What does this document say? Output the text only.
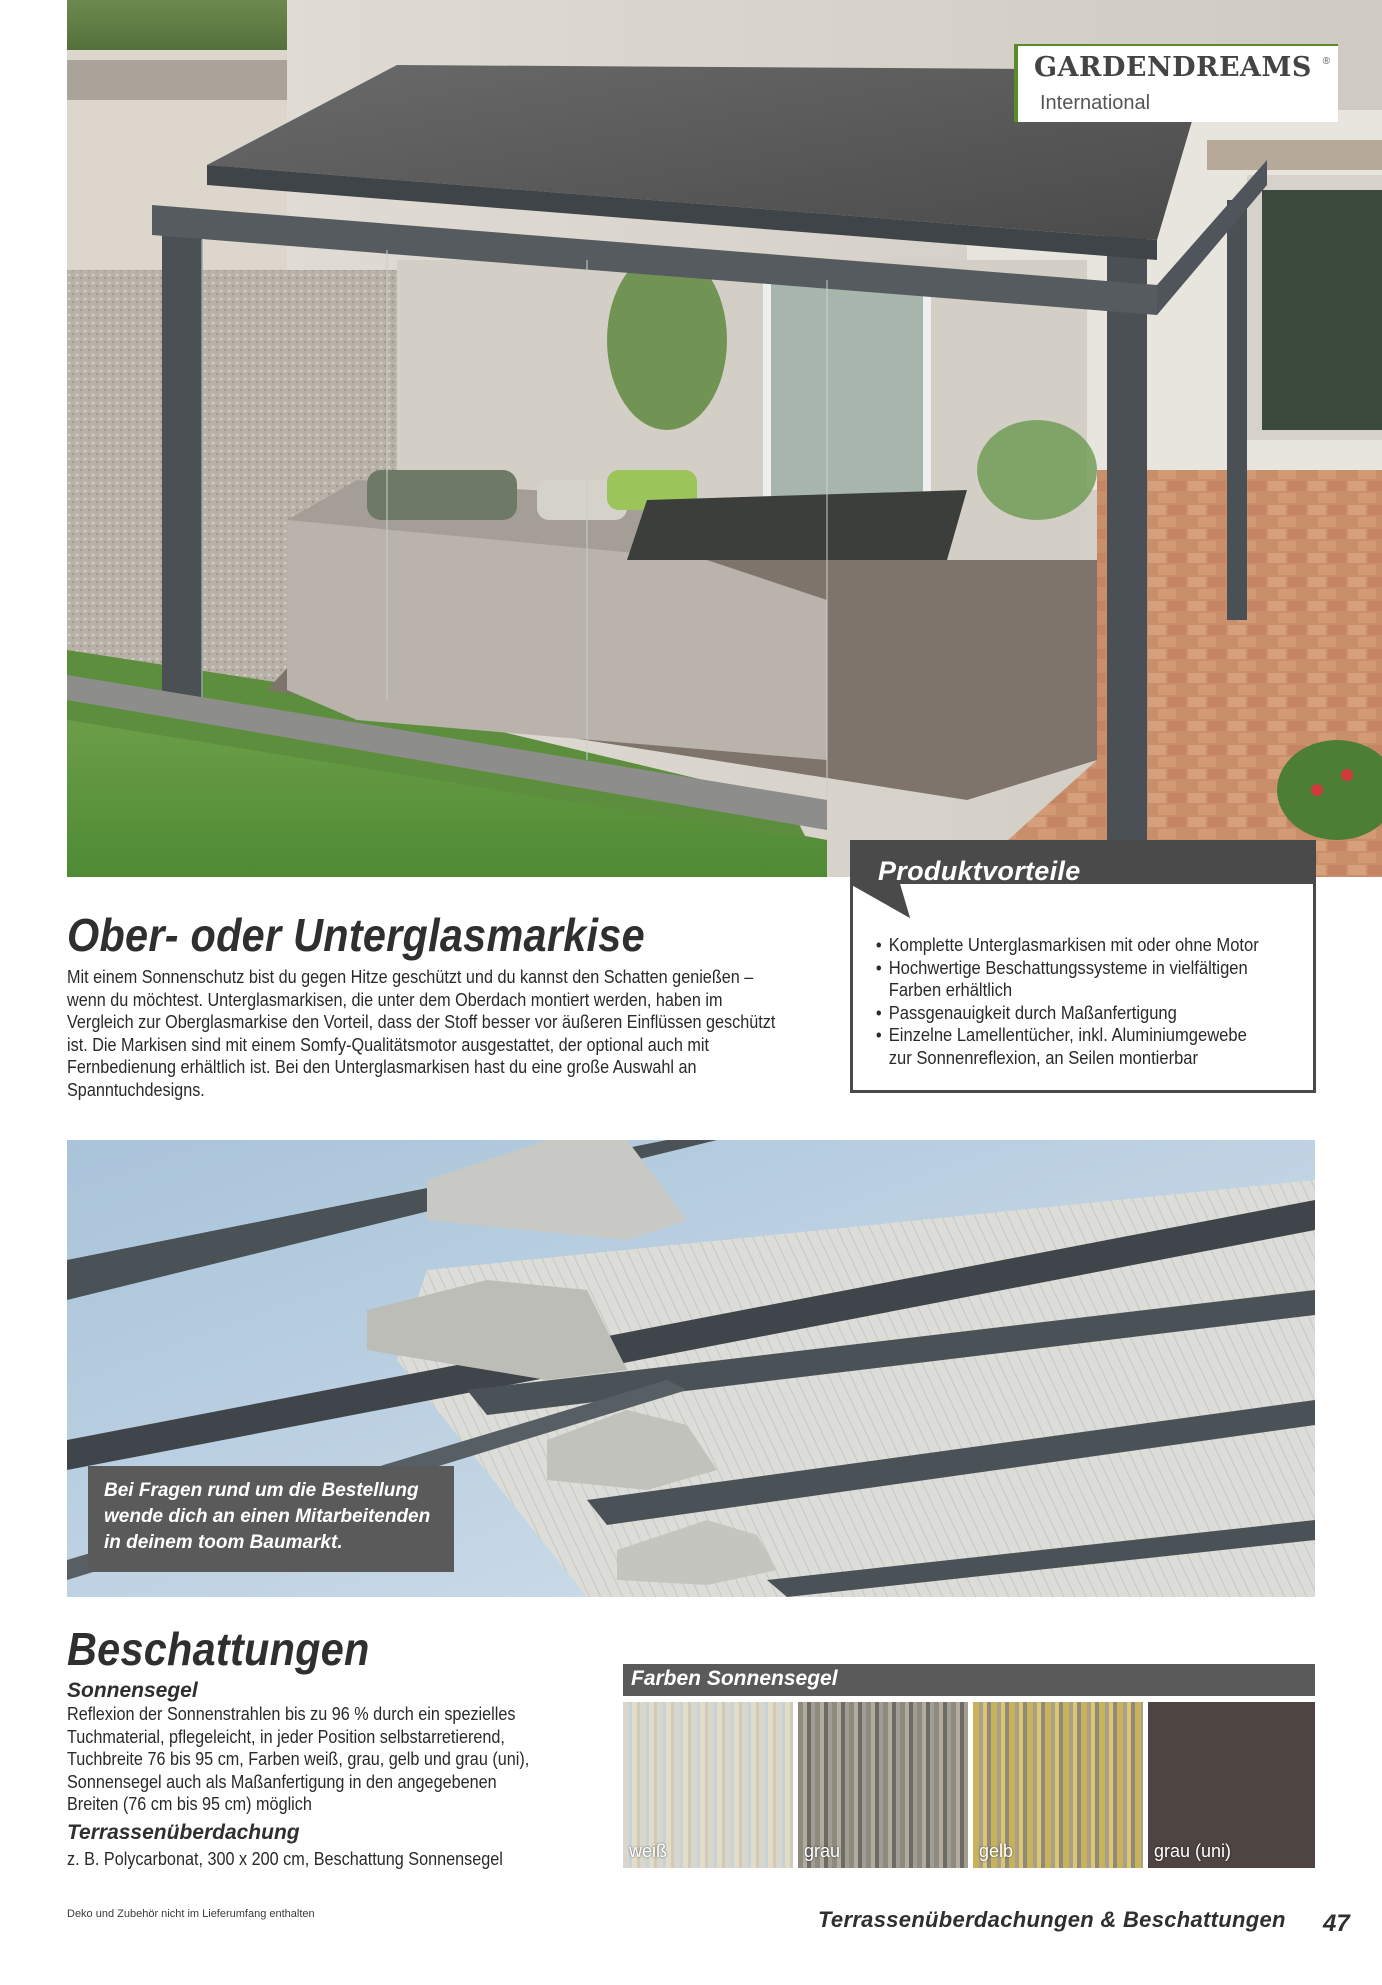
GARDENDREAMS ®
International
Produktvorteile
• Komplette Unterglasmarkisen mit oder ohne Motor
• Hochwertige Beschattungssysteme in vielfältigen Farben erhältlich
• Passgenauigkeit durch Maßanfertigung
• Einzelne Lamellentücher, inkl. Aluminiumgewebe zur Sonnenreflexion, an Seilen montierbar
Ober- oder Unterglasmarkise
Mit einem Sonnenschutz bist du gegen Hitze geschützt und du kannst den Schatten genießen – wenn du möchtest. Unterglasmarkisen, die unter dem Oberdach montiert werden, haben im Vergleich zur Oberglasmarkise den Vorteil, dass der Stoff besser vor äußeren Einflüssen geschützt ist. Die Markisen sind mit einem Somfy-Qualitätsmotor ausgestattet, der optional auch mit Fernbedienung erhältlich ist. Bei den Unterglasmarkisen hast du eine große Auswahl an Spanntuchdesigns.
Bei Fragen rund um die Bestellung
wende dich an einen Mitarbeitenden
in deinem toom Baumarkt.
Beschattungen
Sonnensegel
Reflexion der Sonnenstrahlen bis zu 96 % durch ein spezielles Tuchmaterial, pflegeleicht, in jeder Position selbstarretierend, Tuchbreite 76 bis 95 cm, Farben weiß, grau, gelb und grau (uni), Sonnensegel auch als Maßanfertigung in den angegebenen Breiten (76 cm bis 95 cm) möglich
Terrassenüberdachung
z. B. Polycarbonat, 300 x 200 cm, Beschattung Sonnensegel
Farben Sonnensegel
weiß	grau	gelb	grau (uni)
Deko und Zubehör nicht im Lieferumfang enthalten	Terrassenüberdachungen & Beschattungen 47
